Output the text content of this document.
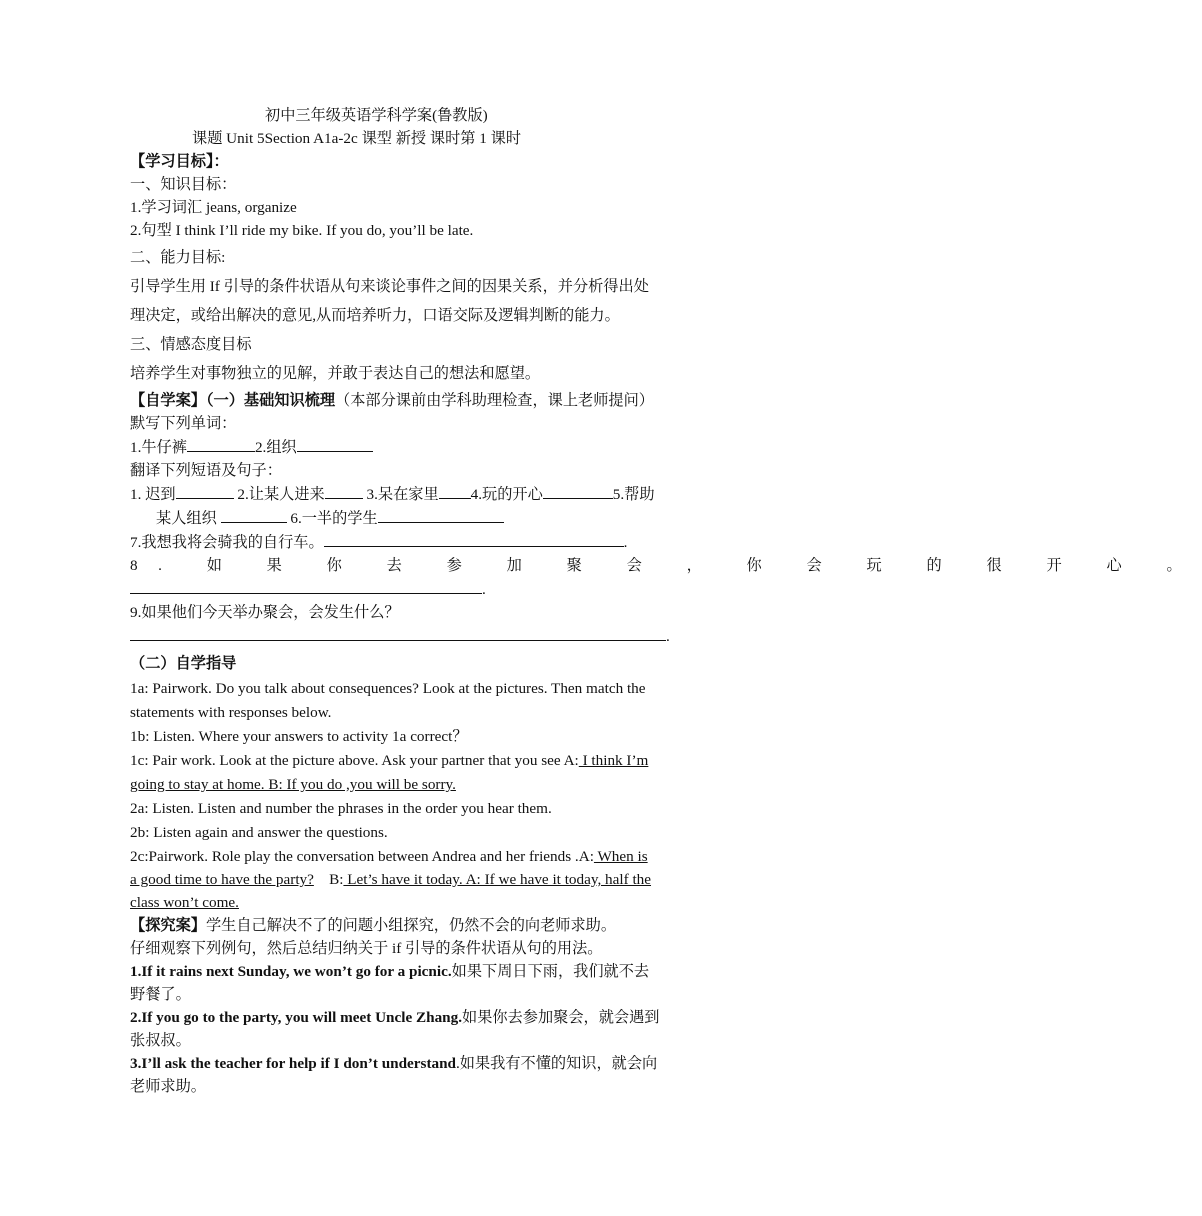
初中三年级英语学科学案(鲁教版)
课题 Unit 5Section A1a-2c 课型 新授 课时第 1 课时
【学习目标】：
一、知识目标：
1.学习词汇 jeans, organize
2.句型 I think I’ll ride my bike. If you do, you’ll be late.
二、能力目标:
引导学生用 If 引导的条件状语从句来谈论事件之间的因果关系，并分析得出处
理决定，或给出解决的意见,从而培养听力，口语交际及逻辑判断的能力。
三、情感态度目标
培养学生对事物独立的见解，并敢于表达自己的想法和愿望。
【自学案】（一）基础知识梳理（本部分课前由学科助理检查，课上老师提问）
默写下列单词：
1.牛仔裤	2.组织
翻译下列短语及句子：
1. 迟到	2.让某人进来	3.呆在家里 4.玩的开心	5.帮助
某人组织	6.一半的学生
7.我想我将会骑我的自行车。	.
8. 如 果 你 去 参 加 聚 会 ， 你 会 玩 的 很 开 心 。
.
9.如果他们今天举办聚会，会发生什么？
.
（二）自学指导
1a: Pairwork. Do you talk about consequences? Look at the pictures. Then match the
statements with responses below.
1b: Listen. Where your answers to activity 1a correct？
1c: Pair work. Look at the picture above. Ask your partner that you see A: I think I’m
going to stay at home. B: If you do ,you will be sorry.
2a: Listen. Listen and number the phrases in the order you hear them.
2b: Listen again and answer the questions.
2c:Pairwork. Role play the conversation between Andrea and her friends .A: When is
a good time to have the party?    B: Let’s have it today. A: If we have it today, half the
class won’t come.
【探究案】学生自己解决不了的问题小组探究，仍然不会的向老师求助。
仔细观察下列例句，然后总结归纳关于 if 引导的条件状语从句的用法。
1.If it rains next Sunday, we won’t go for a picnic.如果下周日下雨，我们就不去
野餐了。
2.If you go to the party, you will meet Uncle Zhang.如果你去参加聚会，就会遇到
张叔叔。
3.I’ll ask the teacher for help if I don’t understand.如果我有不懂的知识，就会向
老师求助。
